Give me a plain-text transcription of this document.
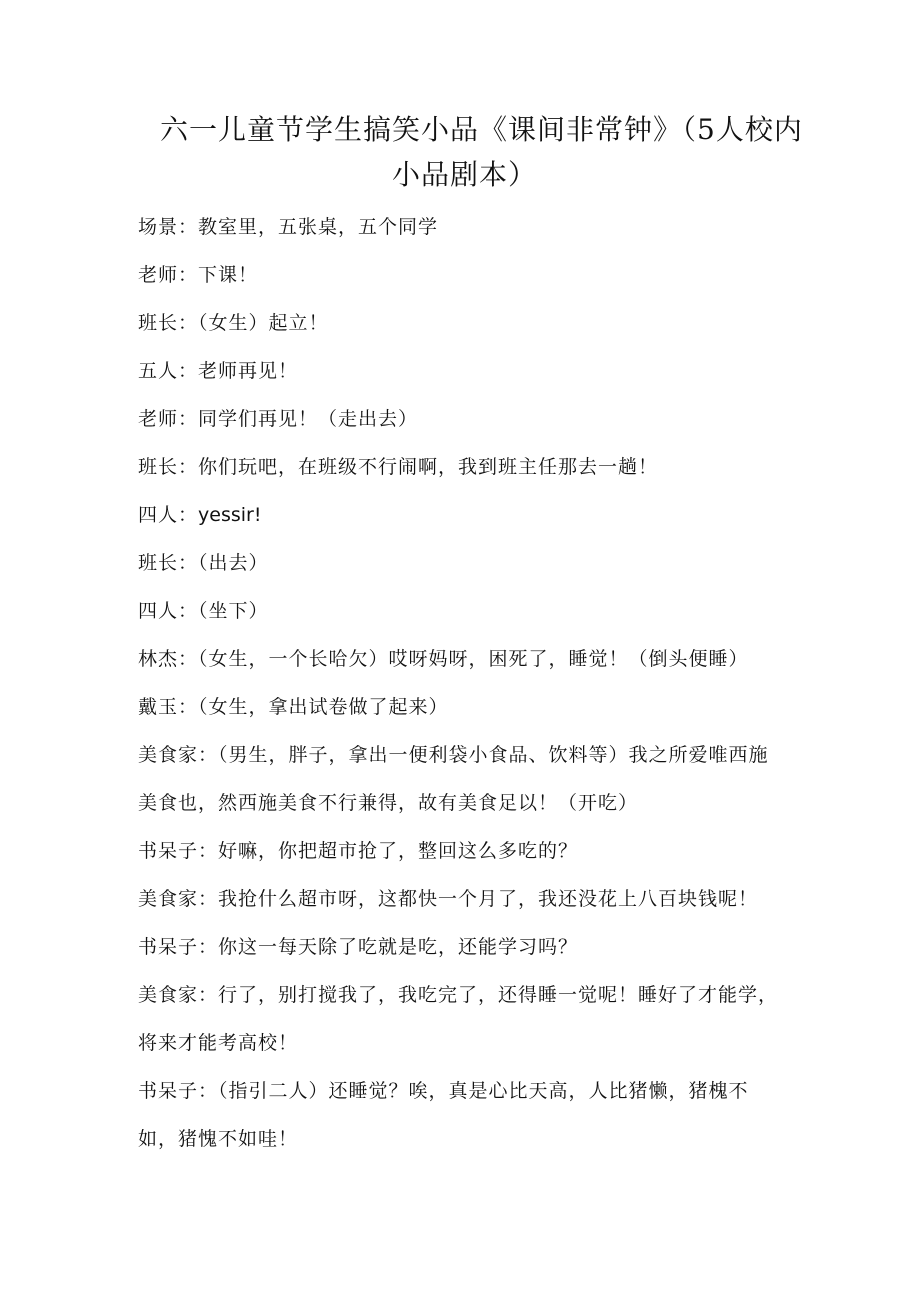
六一儿童节学生搞笑小品《课间非常钟》（5人校内
小品剧本）
场景：教室里，五张桌，五个同学
老师：下课！
班长：（女生）起立！
五人：老师再见！
老师：同学们再见！（走出去）
班长：你们玩吧，在班级不行闹啊，我到班主任那去一趟！
四人：yessir!
班长：（出去）
四人：（坐下）
林杰：（女生，一个长哈欠）哎呀妈呀，困死了，睡觉！（倒头便睡）
戴玉：（女生，拿出试卷做了起来）
美食家：（男生，胖子，拿出一便利袋小食品、饮料等）我之所爱唯西施
美食也，然西施美食不行兼得，故有美食足以！（开吃）
书呆子：好嘛，你把超市抢了，整回这么多吃的？
美食家：我抢什么超市呀，这都快一个月了，我还没花上八百块钱呢！
书呆子：你这一每天除了吃就是吃，还能学习吗？
美食家：行了，别打搅我了，我吃完了，还得睡一觉呢！睡好了才能学，
将来才能考高校！
书呆子：（指引二人）还睡觉？唉，真是心比天高，人比猪懒，猪槐不
如，猪愧不如哇！
